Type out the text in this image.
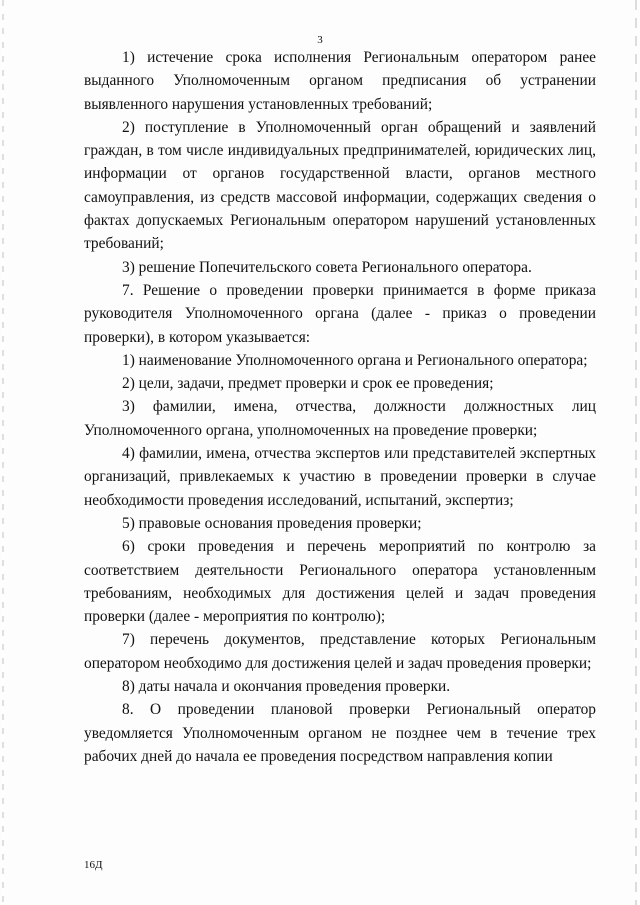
3

1) истечение срока исполнения Региональным оператором ранее выданного Уполномоченным органом предписания об устранении выявленного нарушения установленных требований;

2) поступление в Уполномоченный орган обращений и заявлений граждан, в том числе индивидуальных предпринимателей, юридических лиц, информации от органов государственной власти, органов местного самоуправления, из средств массовой информации, содержащих сведения о фактах допускаемых Региональным оператором нарушений установленных требований;

3) решение Попечительского совета Регионального оператора.

7. Решение о проведении проверки принимается в форме приказа руководителя Уполномоченного органа (далее - приказ о проведении проверки), в котором указывается:

1) наименование Уполномоченного органа и Регионального оператора;

2) цели, задачи, предмет проверки и срок ее проведения;

3) фамилии, имена, отчества, должности должностных лиц Уполномоченного органа, уполномоченных на проведение проверки;

4) фамилии, имена, отчества экспертов или представителей экспертных организаций, привлекаемых к участию в проведении проверки в случае необходимости проведения исследований, испытаний, экспертиз;

5) правовые основания проведения проверки;

6) сроки проведения и перечень мероприятий по контролю за соответствием деятельности Регионального оператора установленным требованиям, необходимых для достижения целей и задач проведения проверки (далее - мероприятия по контролю);

7) перечень документов, представление которых Региональным оператором необходимо для достижения целей и задач проведения проверки;

8) даты начала и окончания проведения проверки.

8. О проведении плановой проверки Региональный оператор уведомляется Уполномоченным органом не позднее чем в течение трех рабочих дней до начала ее проведения посредством направления копии

16Д
